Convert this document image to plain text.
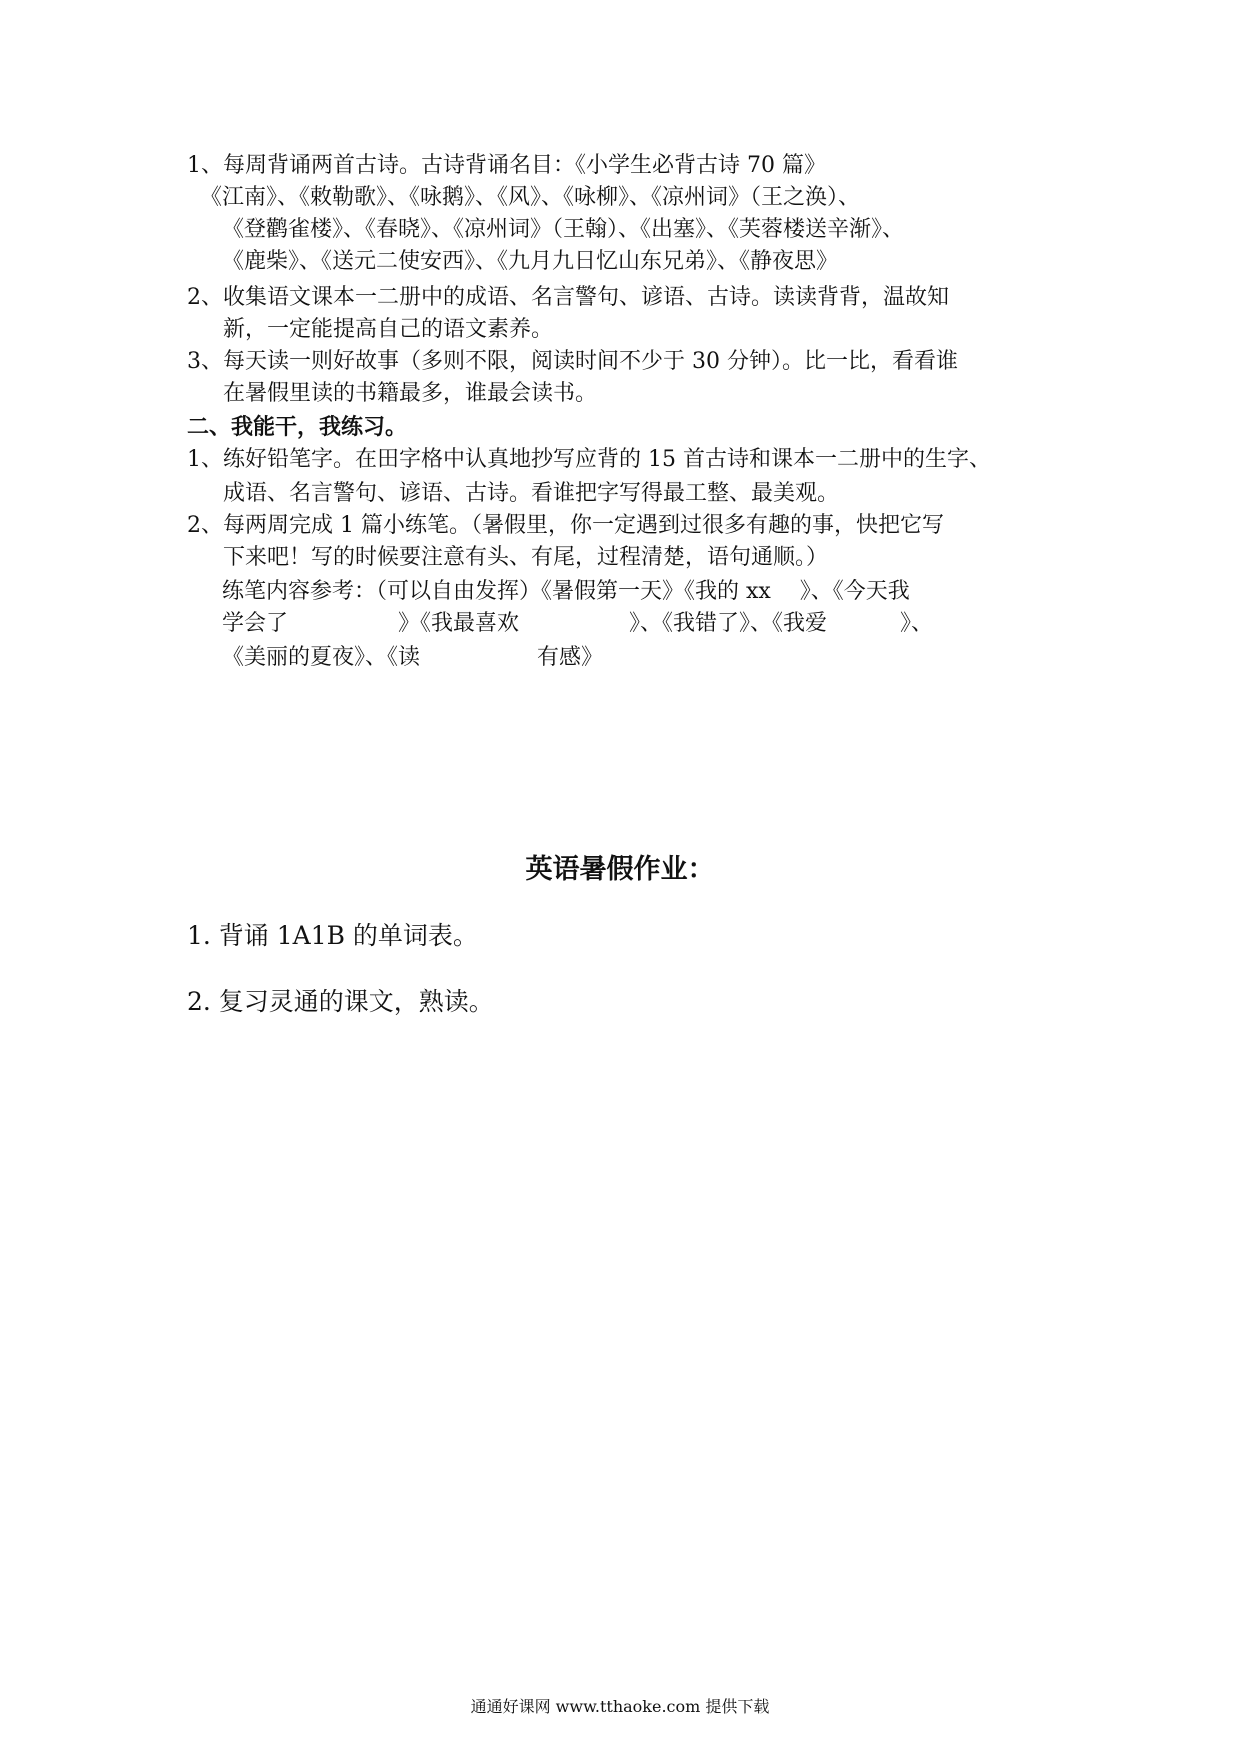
1、每周背诵两首古诗。古诗背诵名目：《小学生必背古诗 70 篇》
《江南》、《敕勒歌》、《咏鹅》、《风》、《咏柳》、《凉州词》（王之涣）、
《登鹳雀楼》、《春晓》、《凉州词》（王翰）、《出塞》、《芙蓉楼送辛渐》、
《鹿柴》、《送元二使安西》、《九月九日忆山东兄弟》、《静夜思》
2、收集语文课本一二册中的成语、名言警句、谚语、古诗。读读背背，温故知
新，一定能提高自己的语文素养。
3、每天读一则好故事（多则不限，阅读时间不少于 30 分钟）。比一比，看看谁
在暑假里读的书籍最多，谁最会读书。
二、我能干，我练习。
1、练好铅笔字。在田字格中认真地抄写应背的 15 首古诗和课本一二册中的生字、
成语、名言警句、谚语、古诗。看谁把字写得最工整、最美观。
2、每两周完成 1 篇小练笔。（暑假里，你一定遇到过很多有趣的事，快把它写
下来吧！写的时候要注意有头、有尾，过程清楚，语句通顺。）
练笔内容参考：（可以自由发挥）《暑假第一天》《我的 xx　 》、《今天我
学会了　　　　　》《我最喜欢　　　　　》、《我错了》、《我爱　　　 》、
《美丽的夏夜》、《读　　　　　 有感》
英语暑假作业：
1. 背诵 1A1B 的单词表。
2. 复习灵通的课文，熟读。
通通好课网 www.tthaoke.com 提供下载
